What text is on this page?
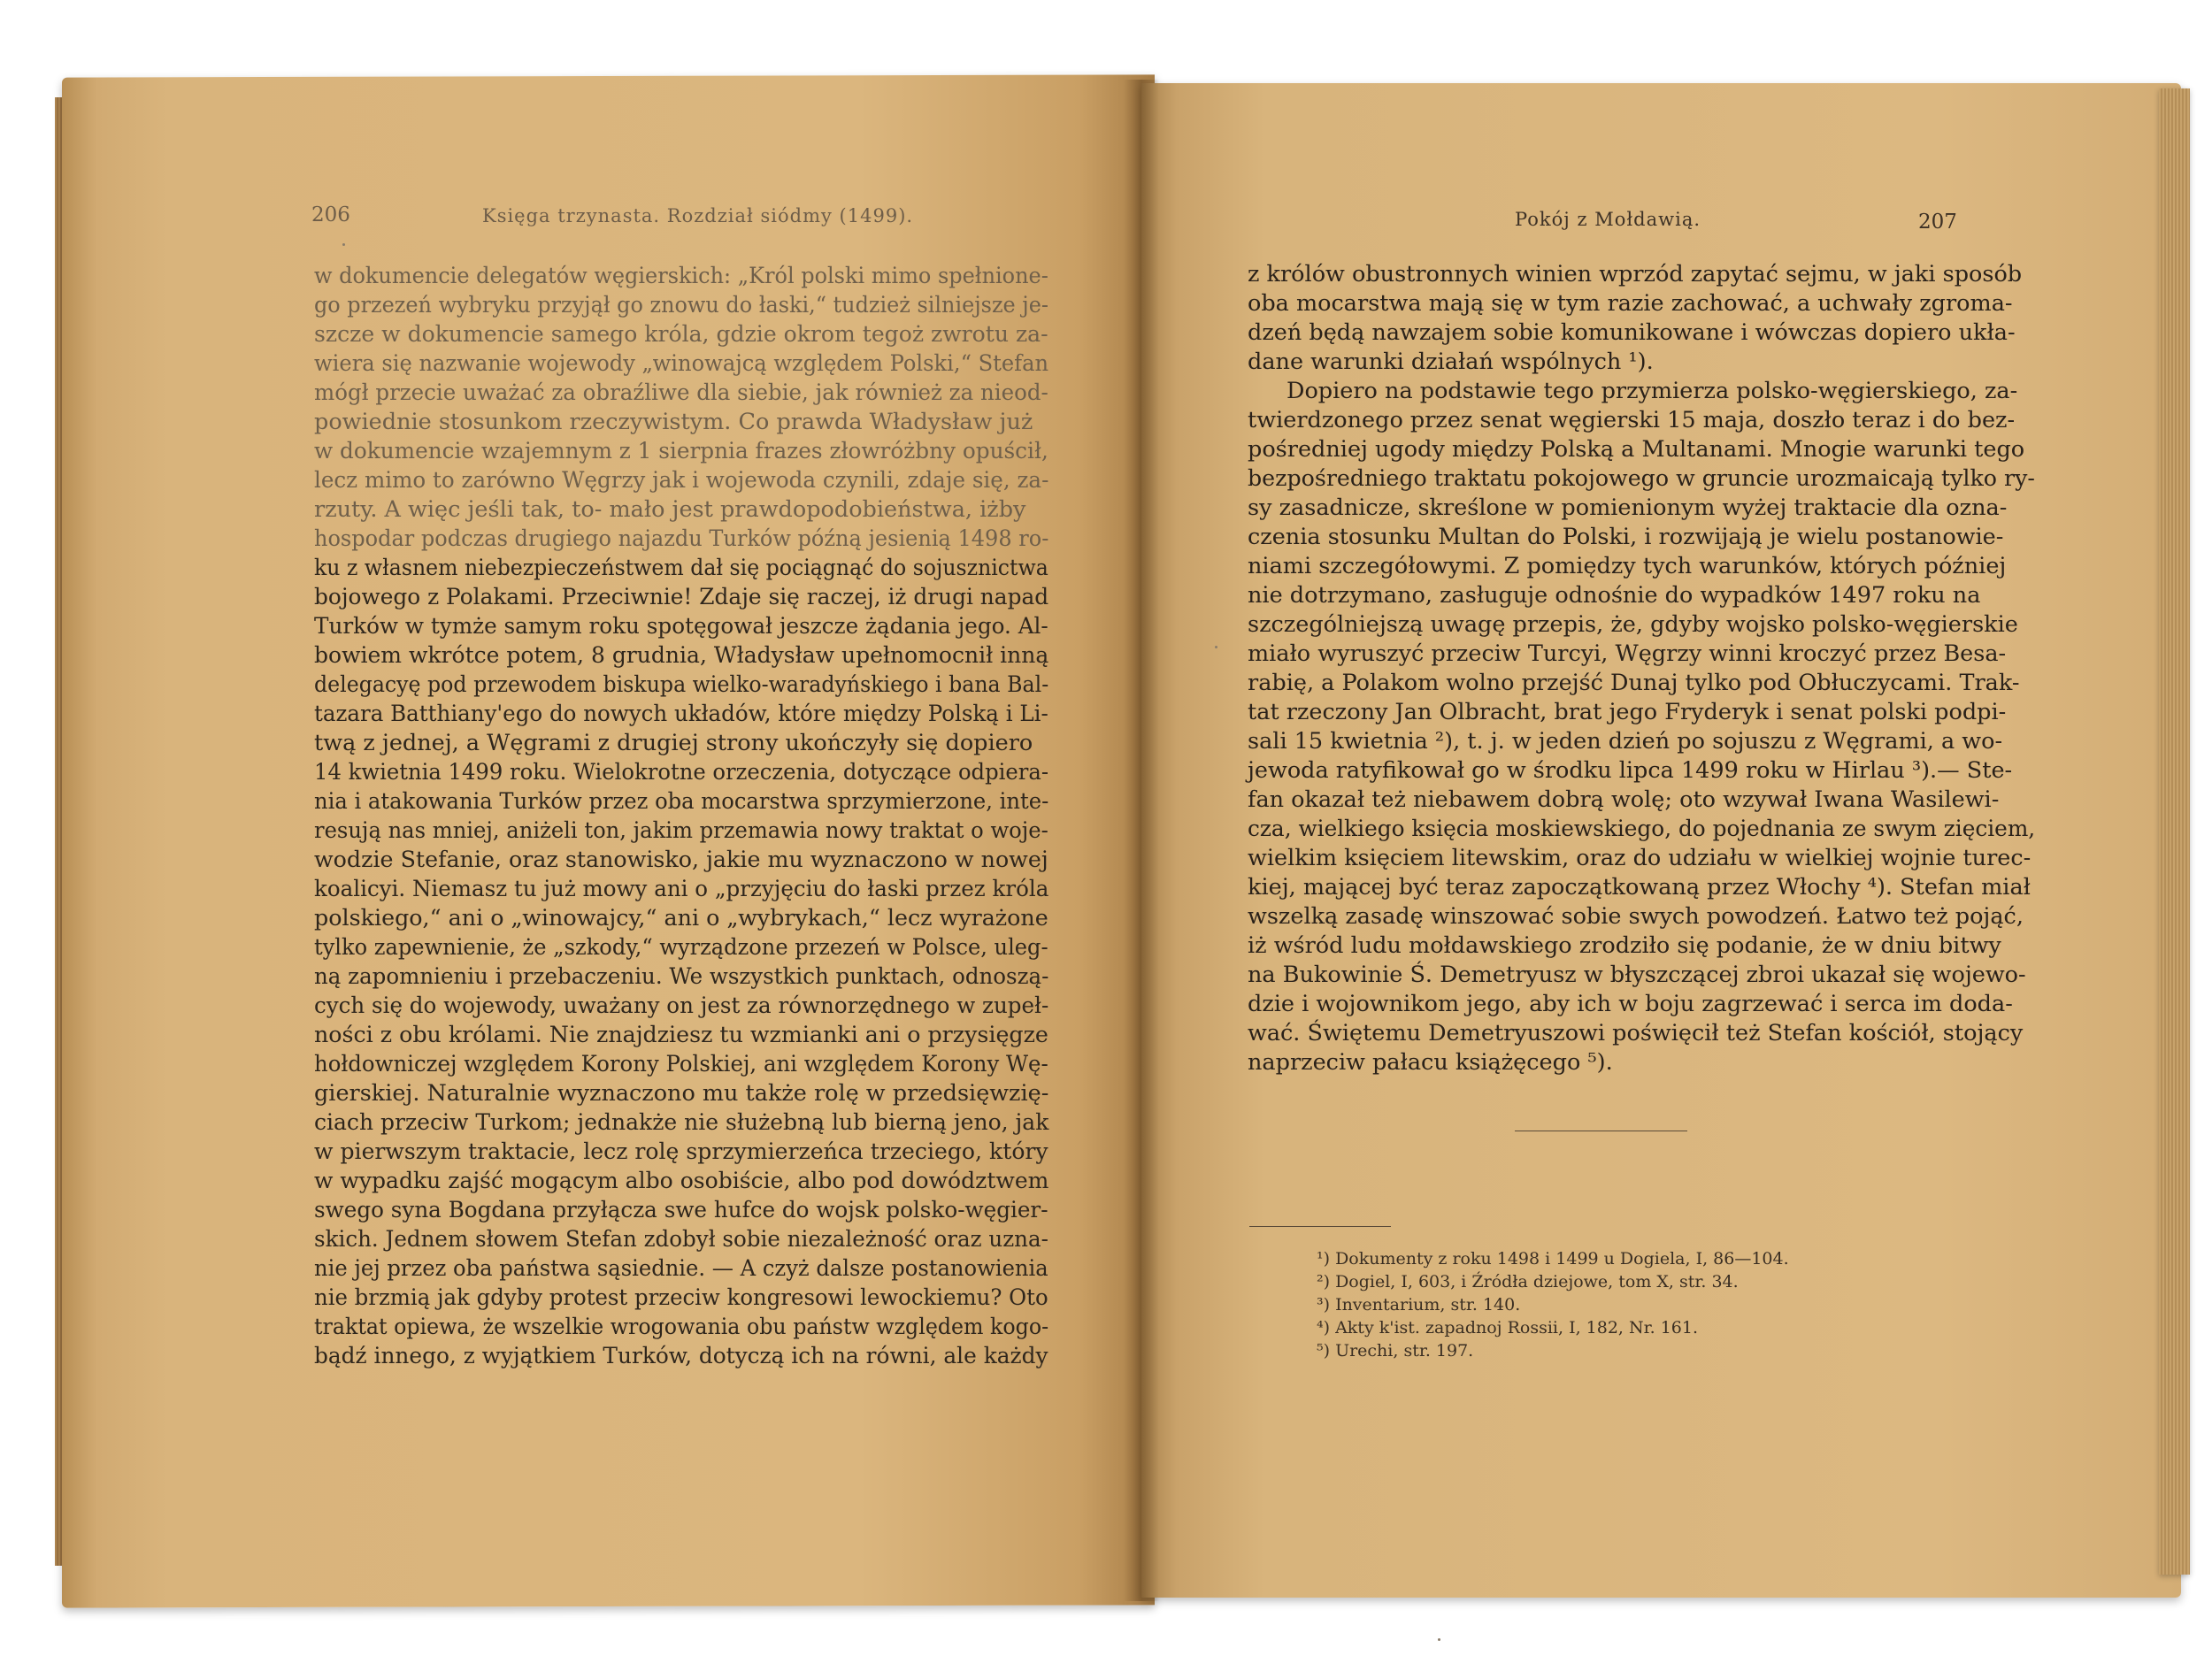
206	Księga trzynasta. Rozdział siódmy (1499).	Pokój z Mołdawią.	207
w dokumencie delegatów węgierskich: „Król polski mimo spełnione-
go przezeń wybryku przyjął go znowu do łaski,“ tudzież silniejsze je-
szcze w dokumencie samego króla, gdzie okrom tegoż zwrotu za-
wiera się nazwanie wojewody „winowajcą względem Polski,“ Stefan
mógł przecie uważać za obraźliwe dla siebie, jak również za nieod-
powiednie stosunkom rzeczywistym. Co prawda Władysław już
w dokumencie wzajemnym z 1 sierpnia frazes złowróżbny opuścił,
lecz mimo to zarówno Węgrzy jak i wojewoda czynili, zdaje się, za-
rzuty. A więc jeśli tak, to- mało jest prawdopodobieństwa, iżby
hospodar podczas drugiego najazdu Turków późną jesienią 1498 ro-
ku z własnem niebezpieczeństwem dał się pociągnąć do sojusznictwa
bojowego z Polakami. Przeciwnie! Zdaje się raczej, iż drugi napad
Turków w tymże samym roku spotęgował jeszcze żądania jego. Al-
bowiem wkrótce potem, 8 grudnia, Władysław upełnomocnił inną
delegacyę pod przewodem biskupa wielko-waradyńskiego i bana Bal-
tazara Batthiany'ego do nowych układów, które między Polską i Li-
twą z jednej, a Węgrami z drugiej strony ukończyły się dopiero
14 kwietnia 1499 roku. Wielokrotne orzeczenia, dotyczące odpiera-
nia i atakowania Turków przez oba mocarstwa sprzymierzone, inte-
resują nas mniej, aniżeli ton, jakim przemawia nowy traktat o woje-
wodzie Stefanie, oraz stanowisko, jakie mu wyznaczono w nowej
koalicyi. Niemasz tu już mowy ani o „przyjęciu do łaski przez króla
polskiego,“ ani o „winowajcy,“ ani o „wybrykach,“ lecz wyrażone
tylko zapewnienie, że „szkody,“ wyrządzone przezeń w Polsce, uleg-
ną zapomnieniu i przebaczeniu. We wszystkich punktach, odnoszą-
cych się do wojewody, uważany on jest za równorzędnego w zupeł-
ności z obu królami. Nie znajdziesz tu wzmianki ani o przysięgze
hołdowniczej względem Korony Polskiej, ani względem Korony Wę-
gierskiej. Naturalnie wyznaczono mu także rolę w przedsięwzię-
ciach przeciw Turkom; jednakże nie służebną lub bierną jeno, jak
w pierwszym traktacie, lecz rolę sprzymierzeńca trzeciego, który
w wypadku zajść mogącym albo osobiście, albo pod dowództwem
swego syna Bogdana przyłącza swe hufce do wojsk polsko-węgier-
skich. Jednem słowem Stefan zdobył sobie niezależność oraz uzna-
nie jej przez oba państwa sąsiednie. — A czyż dalsze postanowienia
nie brzmią jak gdyby protest przeciw kongresowi lewockiemu? Oto
traktat opiewa, że wszelkie wrogowania obu państw względem kogo-
bądź innego, z wyjątkiem Turków, dotyczą ich na równi, ale każdy
z królów obustronnych winien wprzód zapytać sejmu, w jaki sposób
oba mocarstwa mają się w tym razie zachować, a uchwały zgroma-
dzeń będą nawzajem sobie komunikowane i wówczas dopiero ukła-
dane warunki działań wspólnych ¹).
Dopiero na podstawie tego przymierza polsko-węgierskiego, za-
twierdzonego przez senat węgierski 15 maja, doszło teraz i do bez-
pośredniej ugody między Polską a Multanami. Mnogie warunki tego
bezpośredniego traktatu pokojowego w gruncie urozmaicają tylko ry-
sy zasadnicze, skreślone w pomienionym wyżej traktacie dla ozna-
czenia stosunku Multan do Polski, i rozwijają je wielu postanowie-
niami szczegółowymi. Z pomiędzy tych warunków, których później
nie dotrzymano, zasługuje odnośnie do wypadków 1497 roku na
szczególniejszą uwagę przepis, że, gdyby wojsko polsko-węgierskie
miało wyruszyć przeciw Turcyi, Węgrzy winni kroczyć przez Besa-
rabię, a Polakom wolno przejść Dunaj tylko pod Obłuczycami. Trak-
tat rzeczony Jan Olbracht, brat jego Fryderyk i senat polski podpi-
sali 15 kwietnia ²), t. j. w jeden dzień po sojuszu z Węgrami, a wo-
jewoda ratyfikował go w środku lipca 1499 roku w Hirlau ³).— Ste-
fan okazał też niebawem dobrą wolę; oto wzywał Iwana Wasilewi-
cza, wielkiego księcia moskiewskiego, do pojednania ze swym zięciem,
wielkim księciem litewskim, oraz do udziału w wielkiej wojnie turec-
kiej, mającej być teraz zapoczątkowaną przez Włochy ⁴). Stefan miał
wszelką zasadę winszować sobie swych powodzeń. Łatwo też pojąć,
iż wśród ludu mołdawskiego zrodziło się podanie, że w dniu bitwy
na Bukowinie Ś. Demetryusz w błyszczącej zbroi ukazał się wojewo-
dzie i wojownikom jego, aby ich w boju zagrzewać i serca im doda-
wać. Świętemu Demetryuszowi poświęcił też Stefan kościół, stojący
naprzeciw pałacu książęcego ⁵).
¹) Dokumenty z roku 1498 i 1499 u Dogiela, I, 86—104.
²) Dogiel, I, 603, i Źródła dziejowe, tom X, str. 34.
³) Inventarium, str. 140.
⁴) Akty k'ist. zapadnoj Rossii, I, 182, Nr. 161.
⁵) Urechi, str. 197.
